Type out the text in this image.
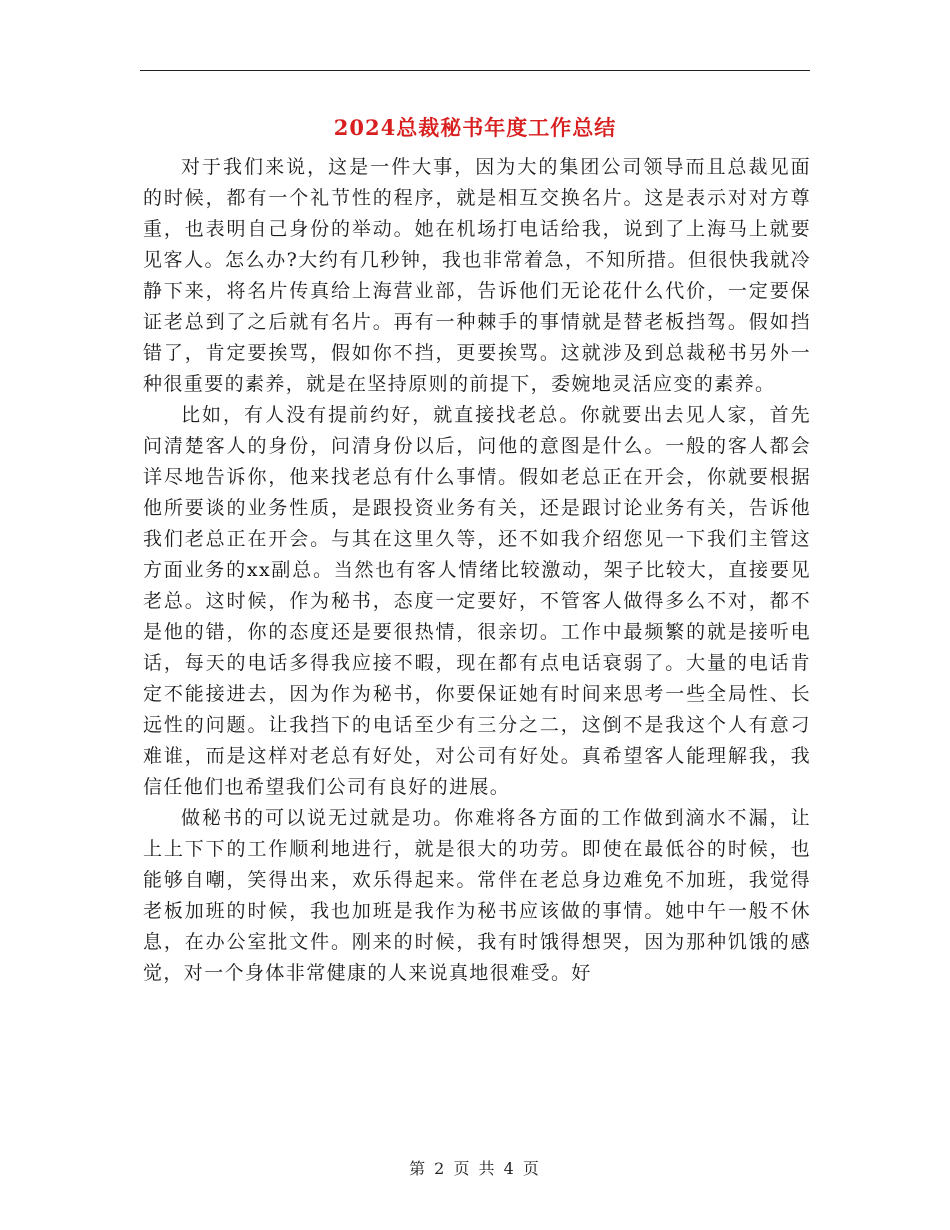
2024总裁秘书年度工作总结

对于我们来说，这是一件大事，因为大的集团公司领导而且总裁见面的时候，都有一个礼节性的程序，就是相互交换名片。这是表示对对方尊重，也表明自己身份的举动。她在机场打电话给我，说到了上海马上就要见客人。怎么办?大约有几秒钟，我也非常着急，不知所措。但很快我就冷静下来，将名片传真给上海营业部，告诉他们无论花什么代价，一定要保证老总到了之后就有名片。再有一种棘手的事情就是替老板挡驾。假如挡错了，肯定要挨骂，假如你不挡，更要挨骂。这就涉及到总裁秘书另外一种很重要的素养，就是在坚持原则的前提下，委婉地灵活应变的素养。

比如，有人没有提前约好，就直接找老总。你就要出去见人家，首先问清楚客人的身份，问清身份以后，问他的意图是什么。一般的客人都会详尽地告诉你，他来找老总有什么事情。假如老总正在开会，你就要根据他所要谈的业务性质，是跟投资业务有关，还是跟讨论业务有关，告诉他我们老总正在开会。与其在这里久等，还不如我介绍您见一下我们主管这方面业务的xx副总。当然也有客人情绪比较激动，架子比较大，直接要见老总。这时候，作为秘书，态度一定要好，不管客人做得多么不对，都不是他的错，你的态度还是要很热情，很亲切。工作中最频繁的就是接听电话，每天的电话多得我应接不暇，现在都有点电话衰弱了。大量的电话肯定不能接进去，因为作为秘书，你要保证她有时间来思考一些全局性、长远性的问题。让我挡下的电话至少有三分之二，这倒不是我这个人有意刁难谁，而是这样对老总有好处，对公司有好处。真希望客人能理解我，我信任他们也希望我们公司有良好的进展。

做秘书的可以说无过就是功。你难将各方面的工作做到滴水不漏，让上上下下的工作顺利地进行，就是很大的功劳。即使在最低谷的时候，也能够自嘲，笑得出来，欢乐得起来。常伴在老总身边难免不加班，我觉得老板加班的时候，我也加班是我作为秘书应该做的事情。她中午一般不休息，在办公室批文件。刚来的时候，我有时饿得想哭，因为那种饥饿的感觉，对一个身体非常健康的人来说真地很难受。好

第 2 页 共 4 页
